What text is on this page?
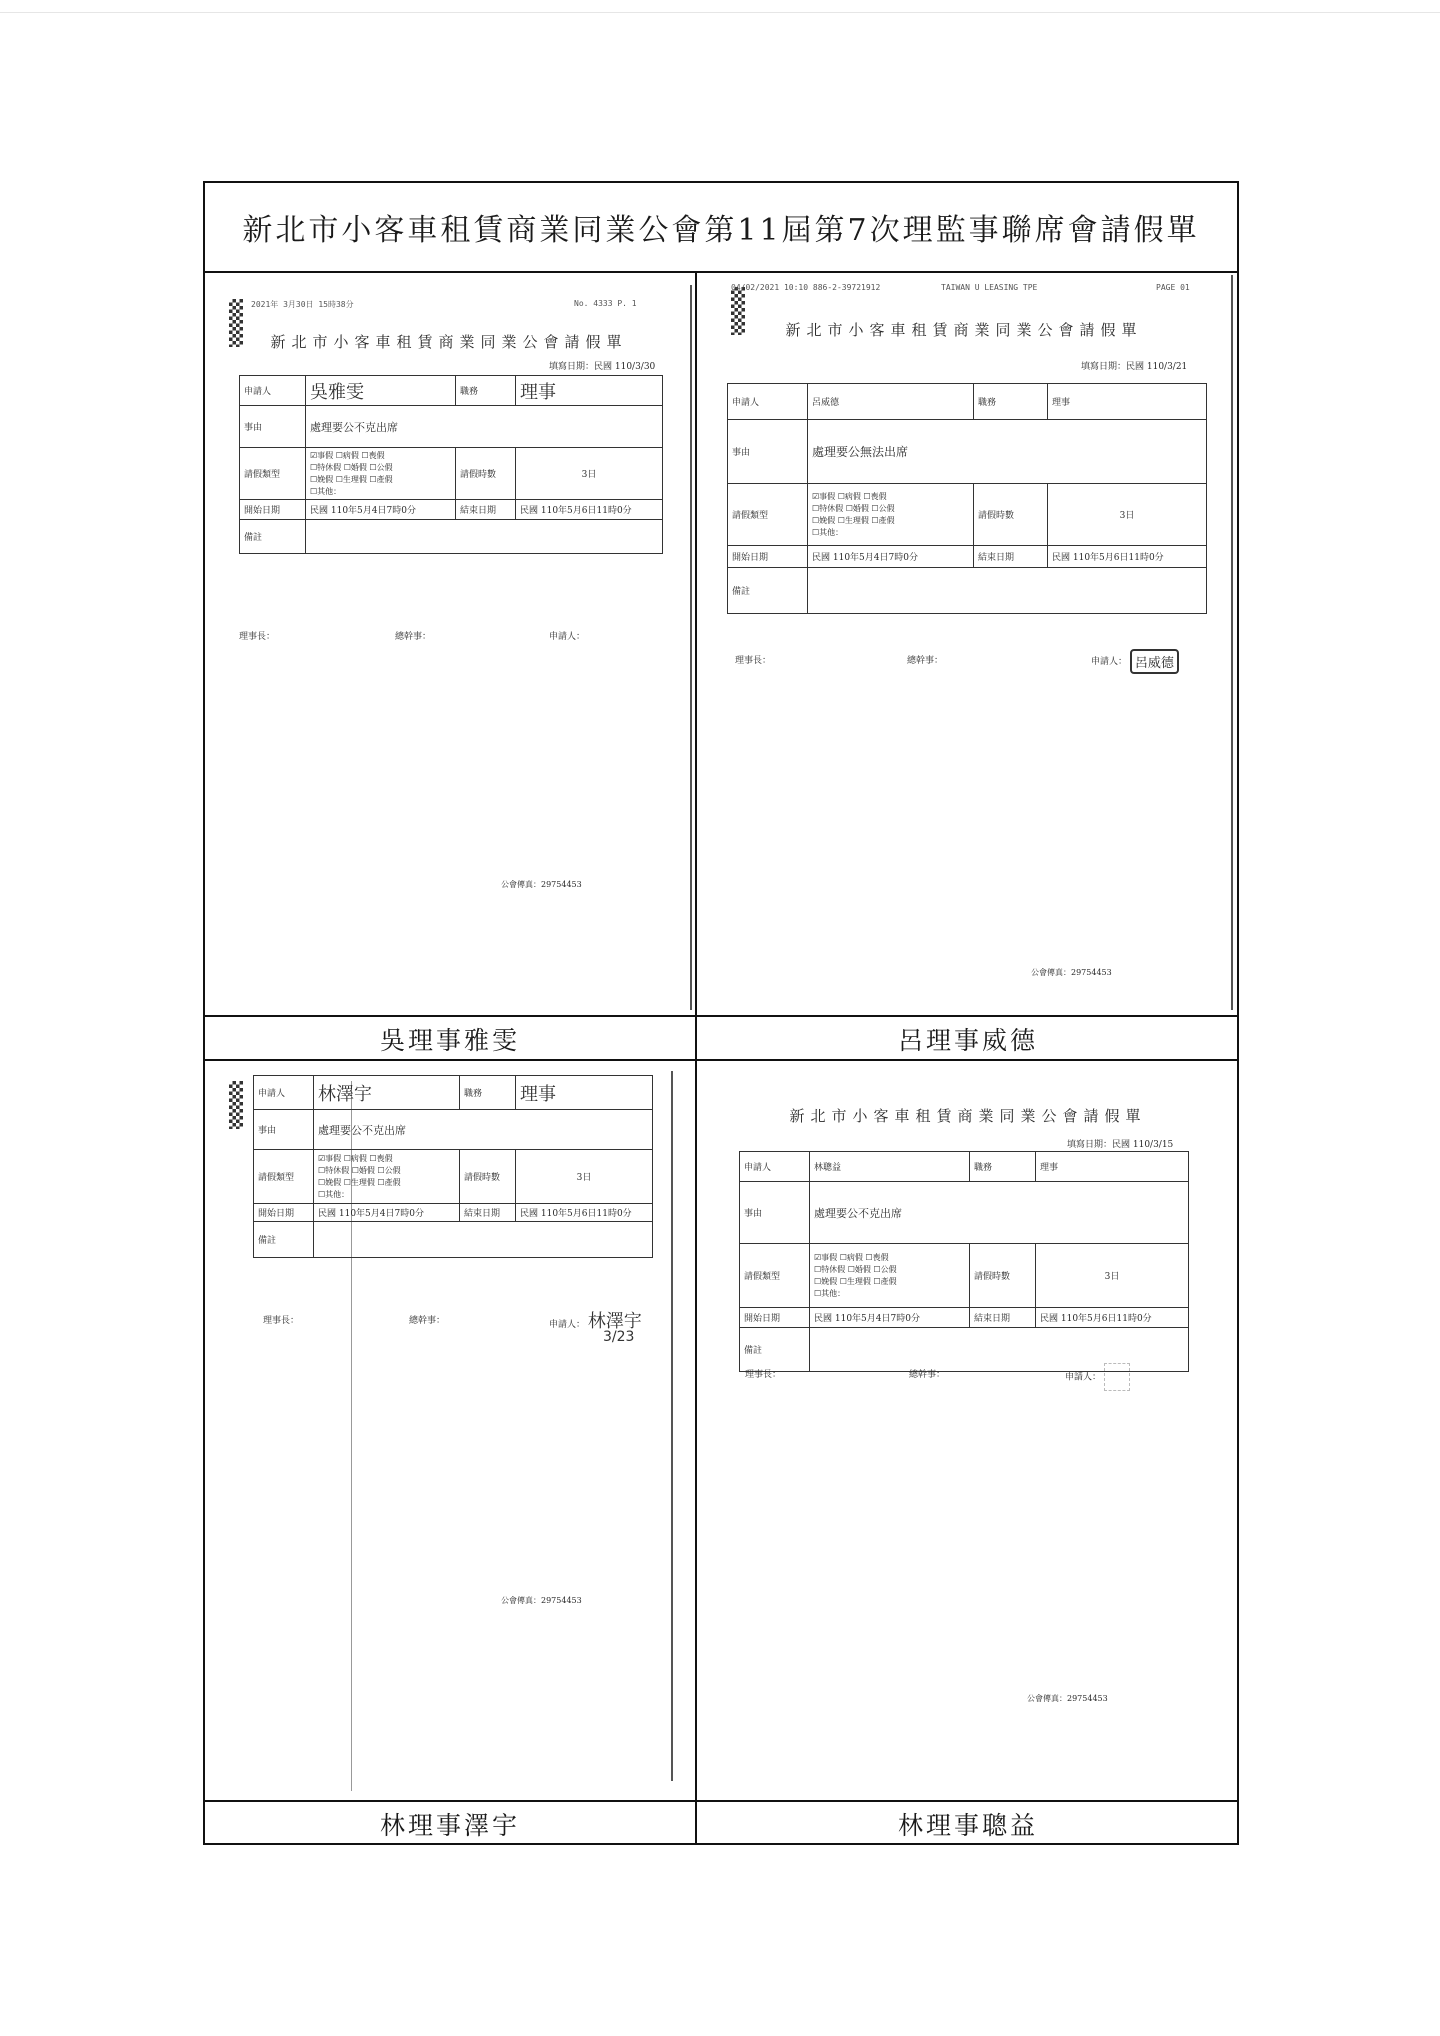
新北市小客車租賃商業同業公會第11屆第7次理監事聯席會請假單
吳理事雅雯	呂理事威德
林理事澤宇	林理事聰益
2021年 3月30日 15時38分	No. 4333 P. 1
新北市小客車租賃商業同業公會請假單
填寫日期：民國 110/3/30
申請人	吳雅雯	職務	理事
事由	處理要公不克出席		
請假類型	☑事假 ☐病假 ☐喪假
☐特休假 ☐婚假 ☐公假
☐娩假 ☐生理假 ☐產假
☐其他：	請假時數	3日
開始日期	民國 110年5月4日7時0分	結束日期	民國 110年5月6日11時0分
備註			
理事長：	總幹事：	申請人：
公會傳真：29754453
04/02/2021 10:10 886-2-39721912	TAIWAN U LEASING TPE	PAGE 01
新北市小客車租賃商業同業公會請假單
填寫日期：民國 110/3/21
申請人	呂威德	職務	理事
事由	處理要公無法出席		
請假類型	☑事假 ☐病假 ☐喪假
☐特休假 ☐婚假 ☐公假
☐娩假 ☐生理假 ☐產假
☐其他：	請假時數	3日
開始日期	民國 110年5月4日7時0分	結束日期	民國 110年5月6日11時0分
備註			
理事長：	總幹事：	申請人： 呂威德
公會傳真：29754453
申請人	林澤宇	職務	理事
事由	處理要公不克出席		
請假類型	☑事假 ☐病假 ☐喪假
☐特休假 ☐婚假 ☐公假
☐娩假 ☐生理假 ☐產假
☐其他：	請假時數	3日
開始日期	民國 110年5月4日7時0分	結束日期	民國 110年5月6日11時0分
備註			
理事長：	總幹事：	申請人： 林澤宇
3/23
公會傳真：29754453
新北市小客車租賃商業同業公會請假單
填寫日期：民國 110/3/15
申請人	林聰益	職務	理事
事由	處理要公不克出席		
請假類型	☑事假 ☐病假 ☐喪假
☐特休假 ☐婚假 ☐公假
☐娩假 ☐生理假 ☐產假
☐其他：	請假時數	3日
開始日期	民國 110年5月4日7時0分	結束日期	民國 110年5月6日11時0分
備註			
理事長：	總幹事：	申請人：
公會傳真：29754453
